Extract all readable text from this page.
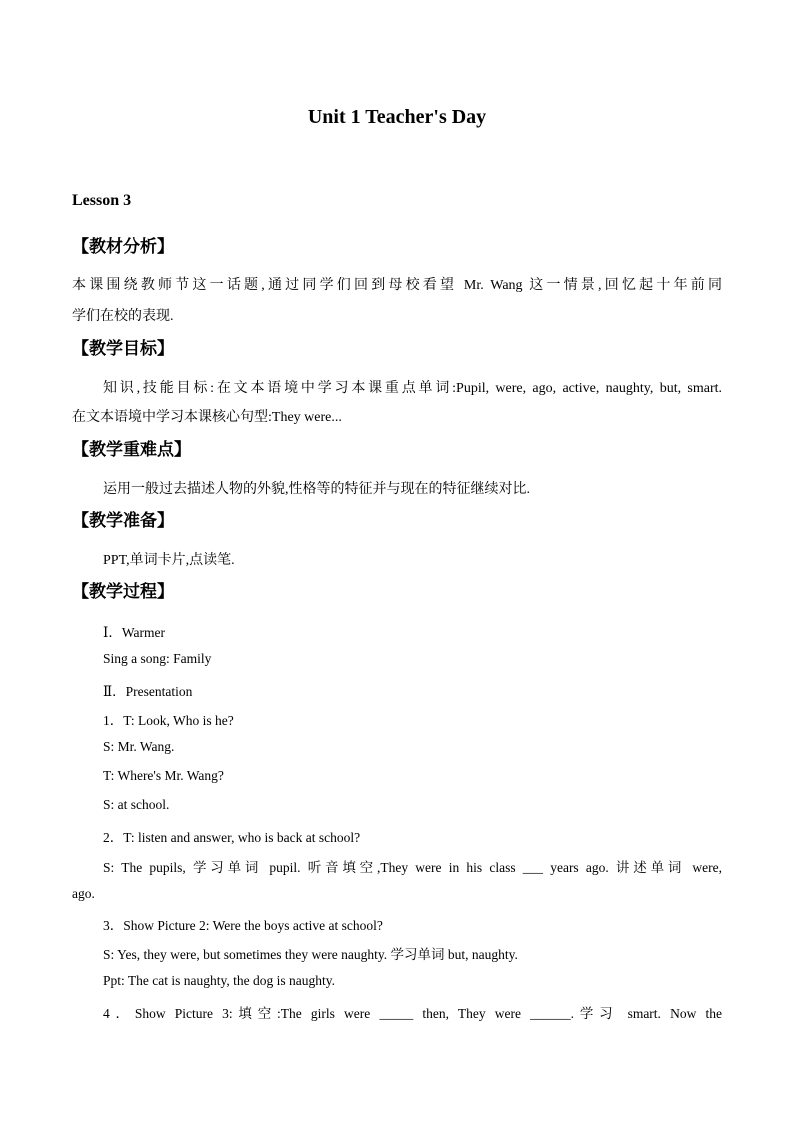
Unit 1 Teacher's Day
Lesson 3
【教材分析】
本课围绕教师节这一话题,通过同学们回到母校看望 Mr. Wang 这一情景,回忆起十年前同
学们在校的表现.
【教学目标】
知识,技能目标:在文本语境中学习本课重点单词:Pupil, were, ago, active, naughty, but, smart.
在文本语境中学习本课核心句型:They were...
【教学重难点】
运用一般过去描述人物的外貌,性格等的特征并与现在的特征继续对比.
【教学准备】
PPT,单词卡片,点读笔.
【教学过程】
Ⅰ．Warmer
Sing a song: Family
Ⅱ．Presentation
1．T: Look, Who is he?
S: Mr. Wang.
T: Where's Mr. Wang?
S: at school.
2．T: listen and answer, who is back at school?
S: The pupils, 学习单词 pupil. 听音填空,They were in his class ___ years ago. 讲述单词 were,
ago.
3．Show Picture 2: Were the boys active at school?
S: Yes, they were, but sometimes they were naughty. 学习单词 but, naughty.
Ppt: The cat is naughty, the dog is naughty.
4．Show Picture 3:填空:The girls were _____ then, They were ______.学习 smart. Now the
